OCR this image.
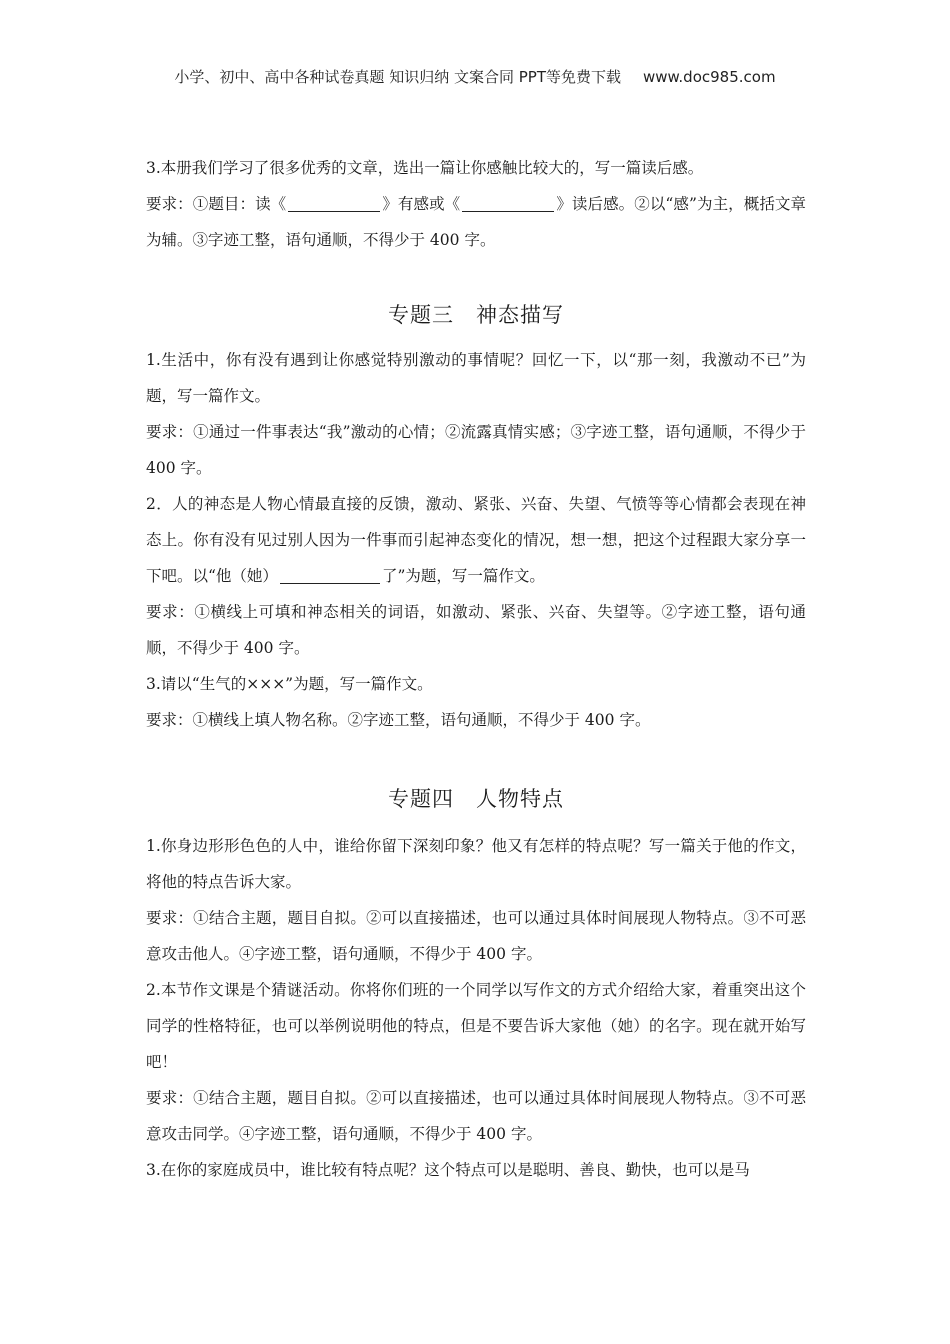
小学、初中、高中各种试卷真题 知识归纳 文案合同 PPT等免费下载 www.doc985.com

3.本册我们学习了很多优秀的文章，选出一篇让你感触比较大的，写一篇读后感。

要求：①题目：读《	》有感或《	》读后感。②以“感”为主，概括文章为辅。③字迹工整，语句通顺，不得少于 400 字。

专题三　神态描写

1.生活中，你有没有遇到让你感觉特别激动的事情呢？回忆一下，以“那一刻，我激动不已”为题，写一篇作文。

要求：①通过一件事表达“我”激动的心情；②流露真情实感；③字迹工整，语句通顺，不得少于 400 字。

2．人的神态是人物心情最直接的反馈，激动、紧张、兴奋、失望、气愤等等心情都会表现在神态上。你有没有见过别人因为一件事而引起神态变化的情况，想一想，把这个过程跟大家分享一下吧。以“他（她）	了”为题，写一篇作文。

要求：①横线上可填和神态相关的词语，如激动、紧张、兴奋、失望等。②字迹工整，语句通顺，不得少于 400 字。

3.请以“生气的×××”为题，写一篇作文。

要求：①横线上填人物名称。②字迹工整，语句通顺，不得少于 400 字。

专题四　人物特点

1.你身边形形色色的人中，谁给你留下深刻印象？他又有怎样的特点呢？写一篇关于他的作文，将他的特点告诉大家。

要求：①结合主题，题目自拟。②可以直接描述，也可以通过具体时间展现人物特点。③不可恶意攻击他人。④字迹工整，语句通顺，不得少于 400 字。

2.本节作文课是个猜谜活动。你将你们班的一个同学以写作文的方式介绍给大家，着重突出这个同学的性格特征，也可以举例说明他的特点，但是不要告诉大家他（她）的名字。现在就开始写吧！

要求：①结合主题，题目自拟。②可以直接描述，也可以通过具体时间展现人物特点。③不可恶意攻击同学。④字迹工整，语句通顺，不得少于 400 字。

3.在你的家庭成员中，谁比较有特点呢？这个特点可以是聪明、善良、勤快，也可以是马
